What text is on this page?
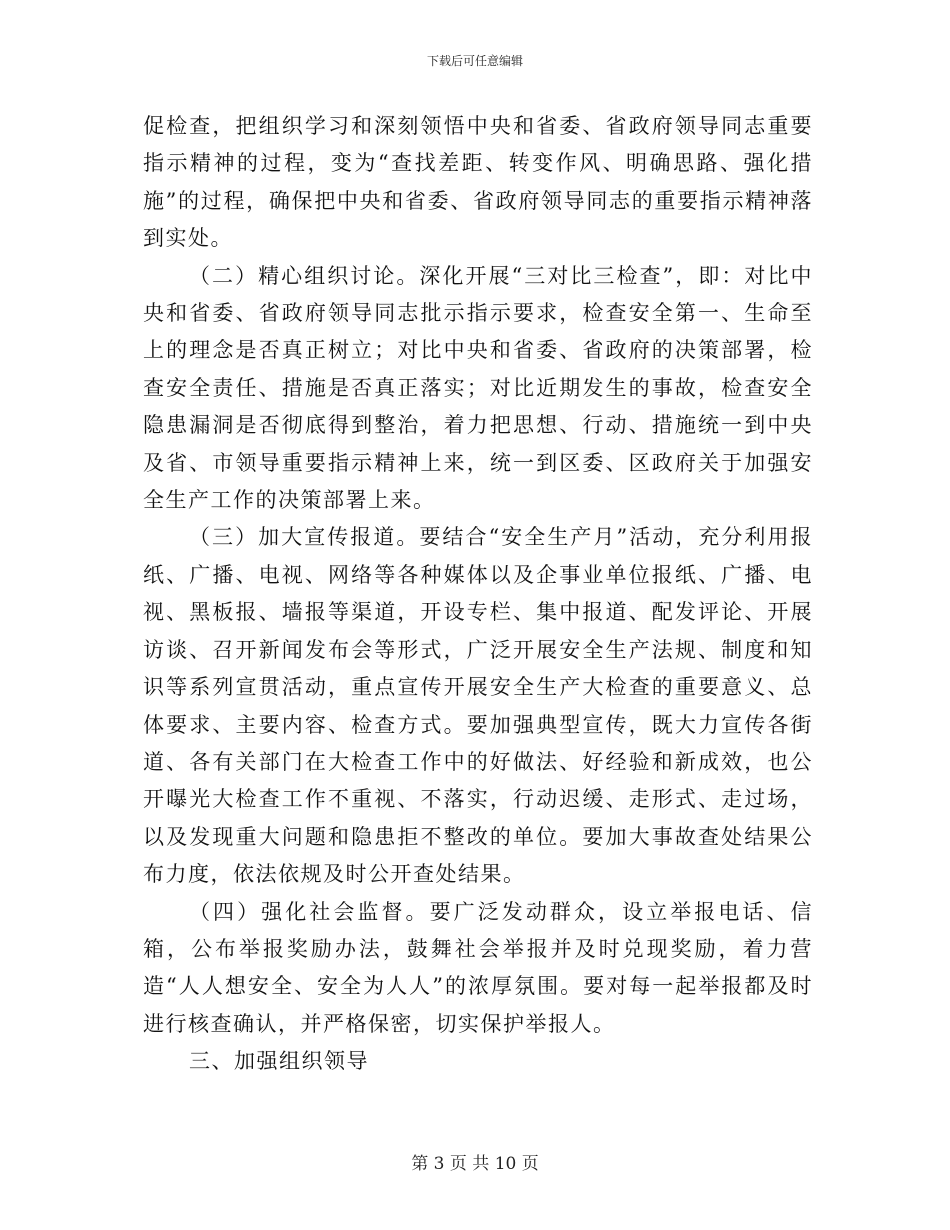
下载后可任意编辑

促检查，把组织学习和深刻领悟中央和省委、省政府领导同志重要指示精神的过程，变为“查找差距、转变作风、明确思路、强化措施”的过程，确保把中央和省委、省政府领导同志的重要指示精神落到实处。

（二）精心组织讨论。深化开展“三对比三检查”，即：对比中央和省委、省政府领导同志批示指示要求，检查安全第一、生命至上的理念是否真正树立；对比中央和省委、省政府的决策部署，检查安全责任、措施是否真正落实；对比近期发生的事故，检查安全隐患漏洞是否彻底得到整治，着力把思想、行动、措施统一到中央及省、市领导重要指示精神上来，统一到区委、区政府关于加强安全生产工作的决策部署上来。

（三）加大宣传报道。要结合“安全生产月”活动，充分利用报纸、广播、电视、网络等各种媒体以及企事业单位报纸、广播、电视、黑板报、墙报等渠道，开设专栏、集中报道、配发评论、开展访谈、召开新闻发布会等形式，广泛开展安全生产法规、制度和知识等系列宣贯活动，重点宣传开展安全生产大检查的重要意义、总体要求、主要内容、检查方式。要加强典型宣传，既大力宣传各街道、各有关部门在大检查工作中的好做法、好经验和新成效，也公开曝光大检查工作不重视、不落实，行动迟缓、走形式、走过场，以及发现重大问题和隐患拒不整改的单位。要加大事故查处结果公布力度，依法依规及时公开查处结果。

（四）强化社会监督。要广泛发动群众，设立举报电话、信箱，公布举报奖励办法，鼓舞社会举报并及时兑现奖励，着力营造“人人想安全、安全为人人”的浓厚氛围。要对每一起举报都及时进行核查确认，并严格保密，切实保护举报人。

三、加强组织领导

第 3 页 共 10 页
